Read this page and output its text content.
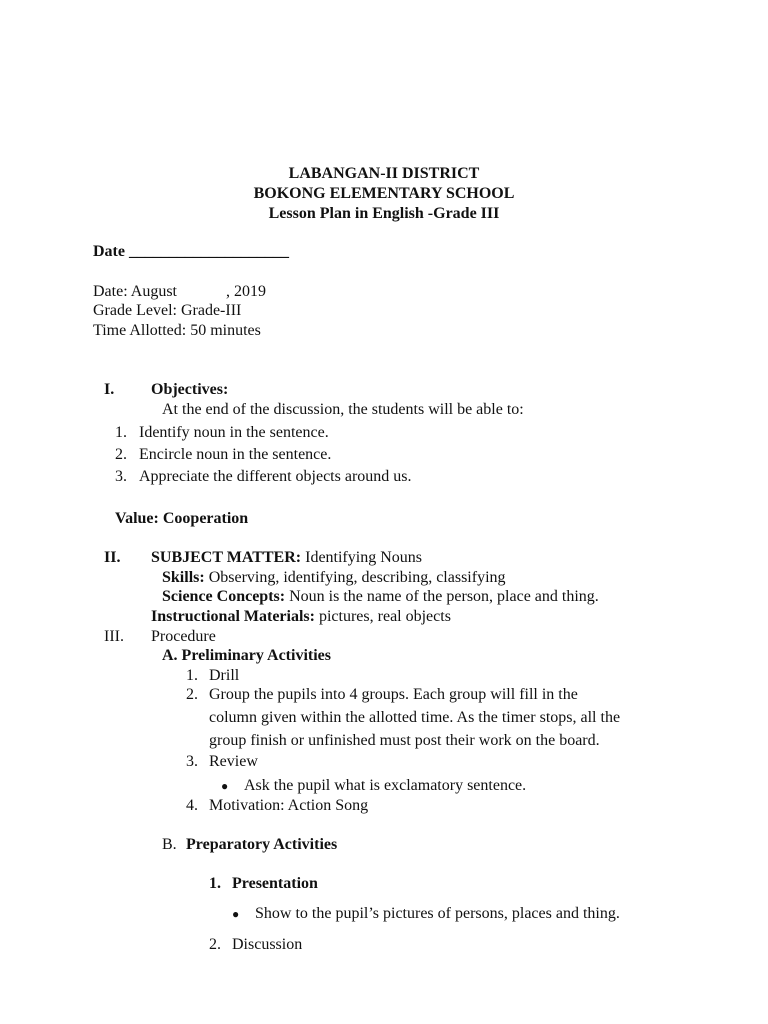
LABANGAN-II DISTRICT
BOKONG ELEMENTARY SCHOOL
Lesson Plan in English -Grade III
Date ____________________
Date: August	, 2019
Grade Level: Grade-III
Time Allotted: 50 minutes
I. Objectives:
At the end of the discussion, the students will be able to:
1. Identify noun in the sentence.
2. Encircle noun in the sentence.
3. Appreciate the different objects around us.
Value: Cooperation
II. SUBJECT MATTER: Identifying Nouns
Skills: Observing, identifying, describing, classifying
Science Concepts: Noun is the name of the person, place and thing.
Instructional Materials: pictures, real objects
III. Procedure
A. Preliminary Activities
1. Drill
2. Group the pupils into 4 groups. Each group will fill in the
column given within the allotted time. As the timer stops, all the
group finish or unfinished must post their work on the board.
3. Review
● Ask the pupil what is exclamatory sentence.
4. Motivation: Action Song
B. Preparatory Activities
1. Presentation
● Show to the pupil’s pictures of persons, places and thing.
2. Discussion
